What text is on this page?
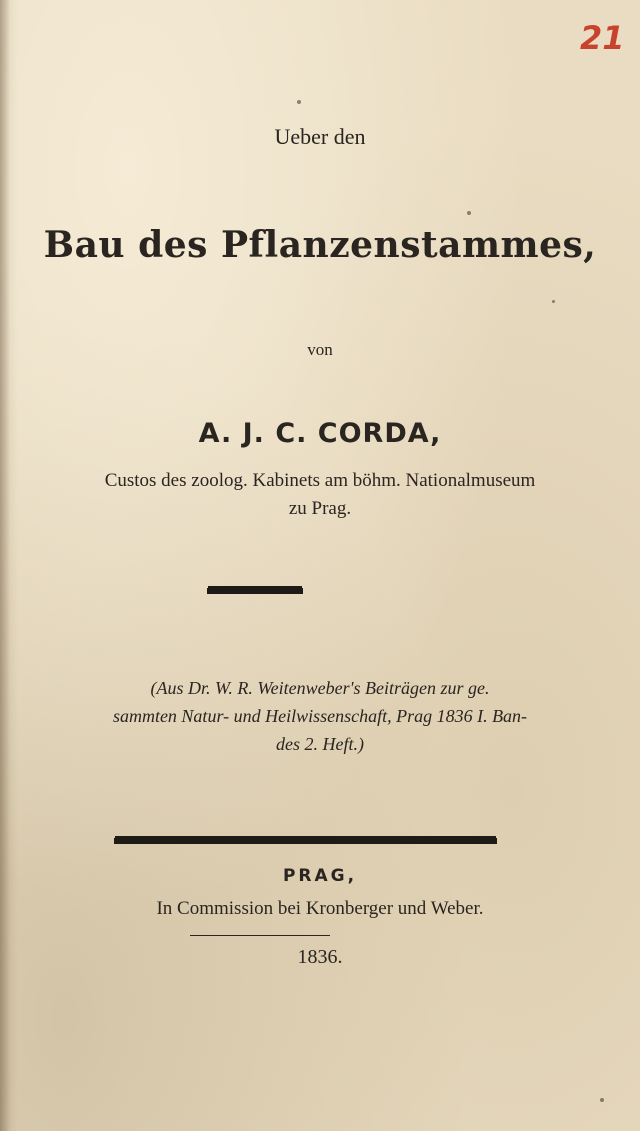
21
Ueber den
Bau des Pflanzenstammes,
von
A. J. C. CORDA,
Custos des zoolog. Kabinets am böhm. Nationalmuseum
zu Prag.
(Aus Dr. W. R. Weitenweber's Beiträgen zur ge.
sammten Natur- und Heilwissenschaft, Prag 1836 I. Ban-
des 2. Heft.)
PRAG,
In Commission bei Kronberger und Weber.
1836.
